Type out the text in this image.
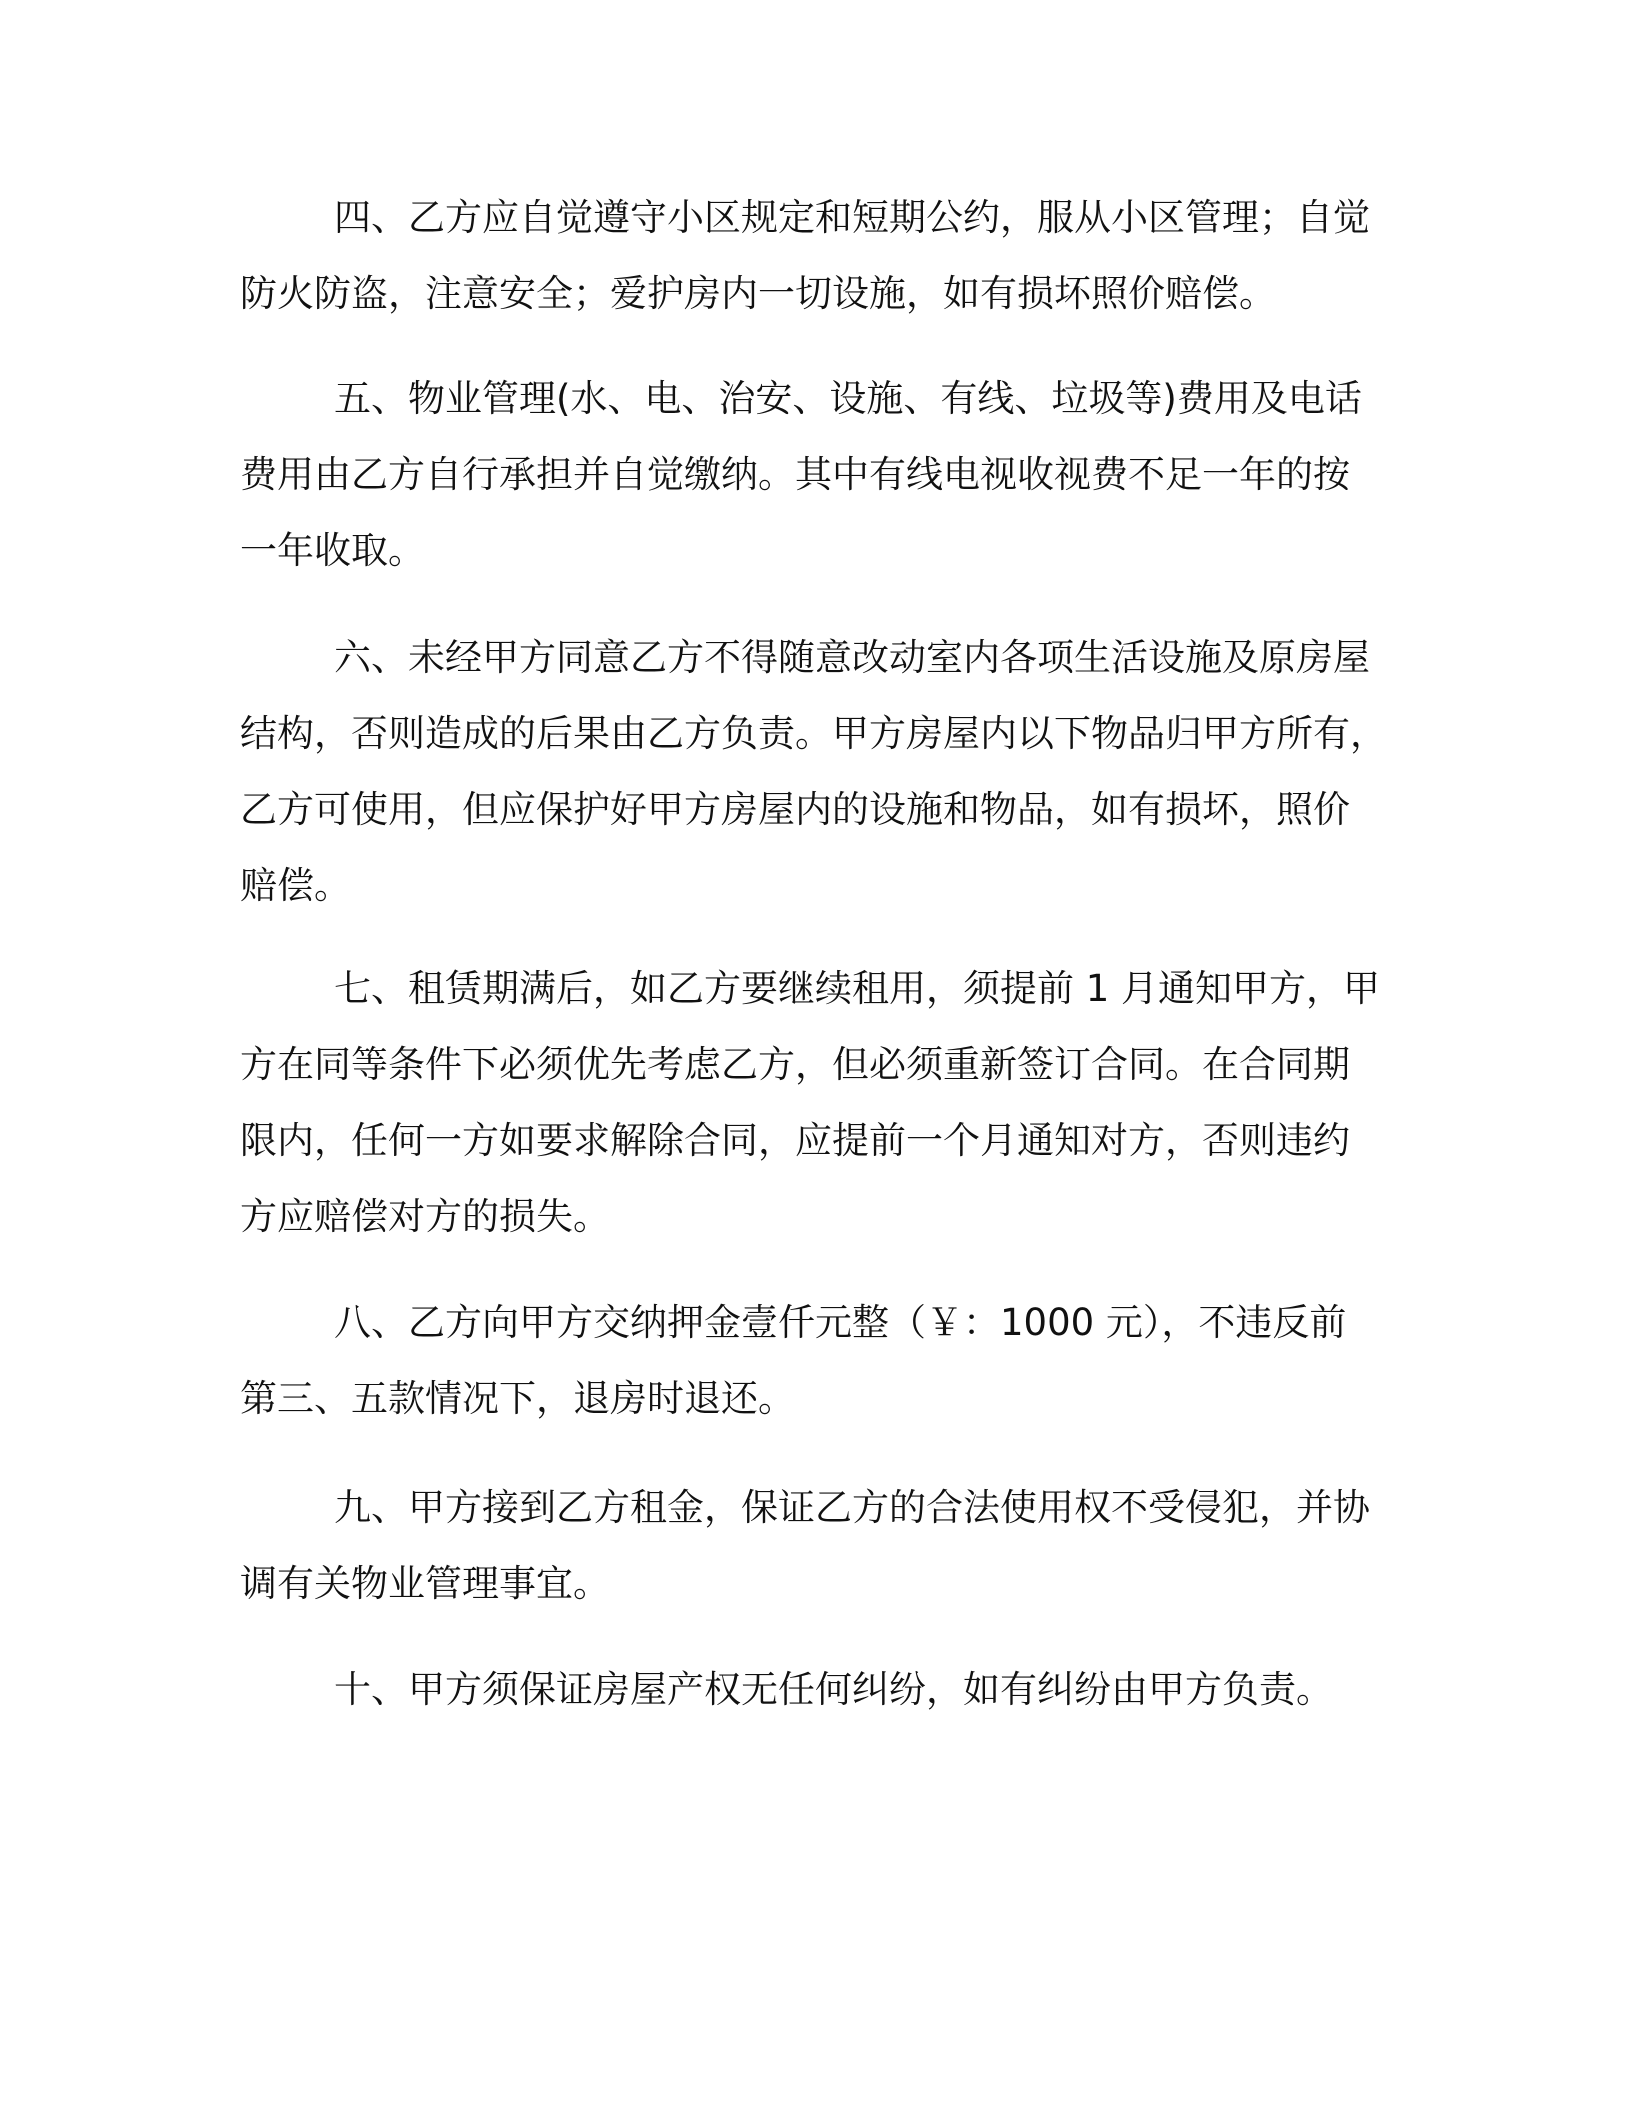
四、乙方应自觉遵守小区规定和短期公约，服从小区管理；自觉
防火防盗，注意安全；爱护房内一切设施，如有损坏照价赔偿。
五、物业管理(水、电、治安、设施、有线、垃圾等)费用及电话
费用由乙方自行承担并自觉缴纳。其中有线电视收视费不足一年的按
一年收取。
六、未经甲方同意乙方不得随意改动室内各项生活设施及原房屋
结构，否则造成的后果由乙方负责。甲方房屋内以下物品归甲方所有，
乙方可使用，但应保护好甲方房屋内的设施和物品，如有损坏，照价
赔偿。
七、租赁期满后，如乙方要继续租用，须提前 1 月通知甲方，甲
方在同等条件下必须优先考虑乙方，但必须重新签订合同。在合同期
限内，任何一方如要求解除合同，应提前一个月通知对方，否则违约
方应赔偿对方的损失。
八、乙方向甲方交纳押金壹仟元整（￥：1000 元），不违反前
第三、五款情况下，退房时退还。
九、甲方接到乙方租金，保证乙方的合法使用权不受侵犯，并协
调有关物业管理事宜。
十、甲方须保证房屋产权无任何纠纷，如有纠纷由甲方负责。
